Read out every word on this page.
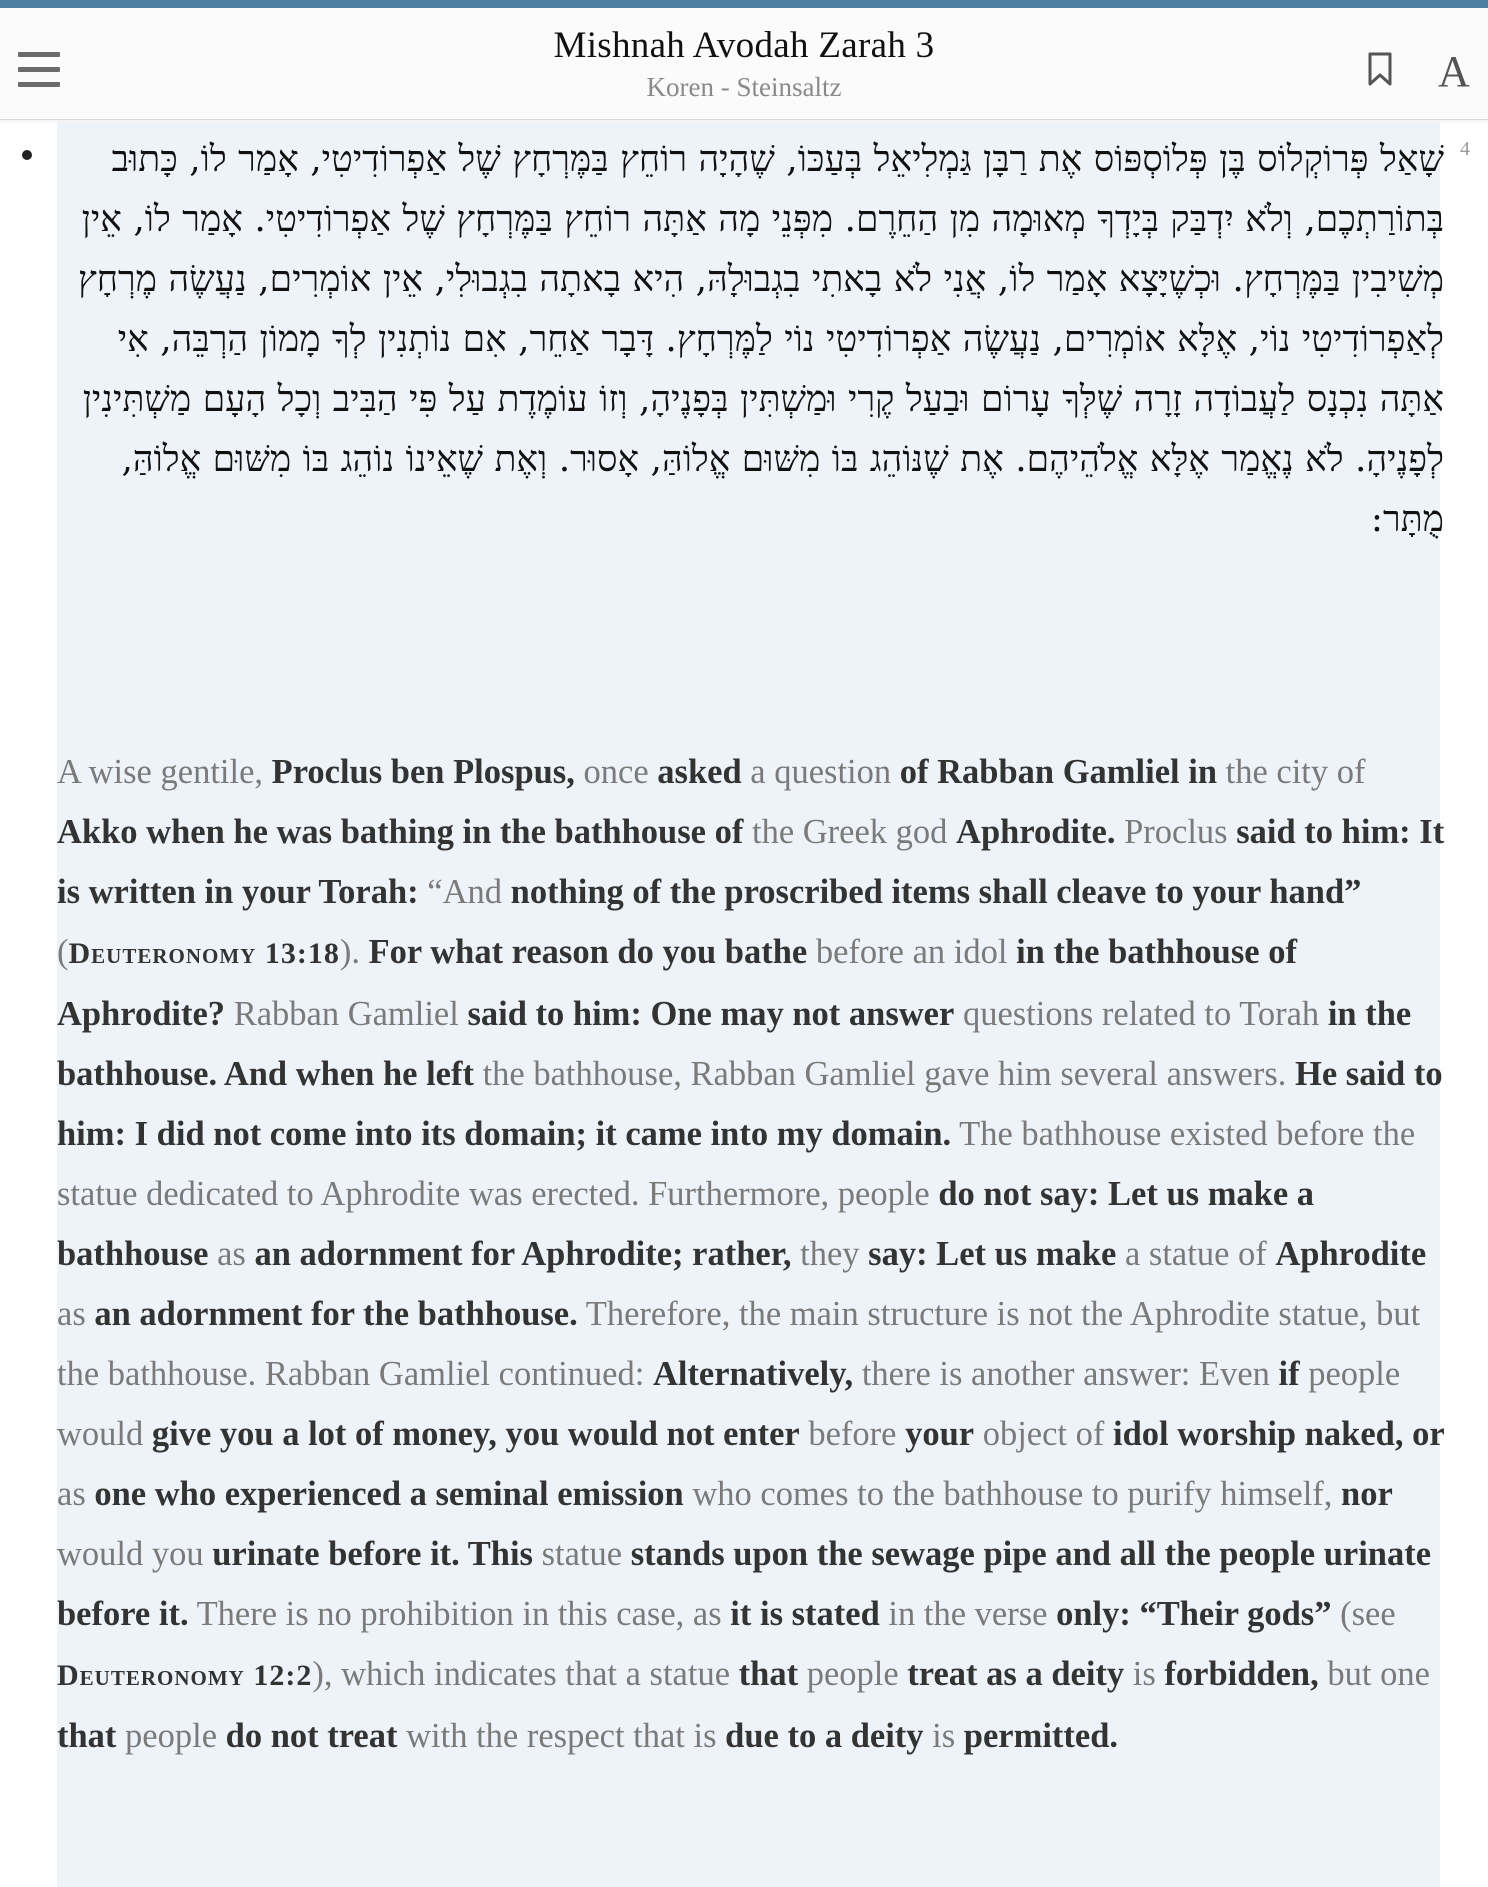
Mishnah Avodah Zarah 3
Koren - Steinsaltz	A
4
שָׁאַל פְּרוֹקְלוֹס בֶּן פְּלוֹסְפּוֹס אֶת רַבָּן גַּמְלִיאֵל בְּעַכּוֹ, שֶׁהָיָה רוֹחֵץ בַּמֶּרְחָץ שֶׁל אַפְרוֹדִיטִי, אָמַר לוֹ, כָּתוּב בְּתוֹרַתְכֶם, וְלֹא יִדְבַּק בְּיָדְךָ מְאוּמָה מִן הַחֵרֶם. מִפְּנֵי מָה אַתָּה רוֹחֵץ בַּמֶּרְחָץ שֶׁל אַפְרוֹדִיטִי. אָמַר לוֹ, אֵין מְשִׁיבִין בַּמֶּרְחָץ. וּכְשֶׁיָּצָא אָמַר לוֹ, אֲנִי לֹא בָאתִי בִגְבוּלָהּ, הִיא בָאתָה בִגְבוּלִי, אֵין אוֹמְרִים, נַעֲשֶׂה מֶרְחָץ לְאַפְרוֹדִיטִי נוֹי, אֶלָּא אוֹמְרִים, נַעֲשֶׂה אַפְרוֹדִיטִי נוֹי לַמֶּרְחָץ. דָּבָר אַחֵר, אִם נוֹתְנִין לְךָ מָמוֹן הַרְבֵּה, אִי אַתָּה נִכְנָס לַעֲבוֹדָה זָרָה שֶׁלְּךָ עָרוֹם וּבַעַל קֶרִי וּמַשְׁתִּין בְּפָנֶיהָ, וְזוֹ עוֹמֶדֶת עַל פִּי הַבִּיב וְכָל הָעָם מַשְׁתִּינִין לְפָנֶיהָ. לֹא נֶאֱמַר אֶלָּא אֱלֹהֵיהֶם. אֶת שֶׁנּוֹהֵג בּוֹ מִשּׁוּם אֱלוֹהַּ, אָסוּר. וְאֶת שֶׁאֵינוֹ נוֹהֵג בּוֹ מִשּׁוּם אֱלוֹהַּ, מֻתָּר:
A wise gentile, Proclus ben Plospus, once asked a question of Rabban Gamliel in the city of Akko when he was bathing in the bathhouse of the Greek god Aphrodite. Proclus said to him: It is written in your Torah: “And nothing of the proscribed items shall cleave to your hand” (Deuteronomy 13:18). For what reason do you bathe before an idol in the bathhouse of Aphrodite? Rabban Gamliel said to him: One may not answer questions related to Torah in the bathhouse. And when he left the bathhouse, Rabban Gamliel gave him several answers. He said to him: I did not come into its domain; it came into my domain. The bathhouse existed before the statue dedicated to Aphrodite was erected. Furthermore, people do not say: Let us make a bathhouse as an adornment for Aphrodite; rather, they say: Let us make a statue of Aphrodite as an adornment for the bathhouse. Therefore, the main structure is not the Aphrodite statue, but the bathhouse. Rabban Gamliel continued: Alternatively, there is another answer: Even if people would give you a lot of money, you would not enter before your object of idol worship naked, or as one who experienced a seminal emission who comes to the bathhouse to purify himself, nor would you urinate before it. This statue stands upon the sewage pipe and all the people urinate before it. There is no prohibition in this case, as it is stated in the verse only: “Their gods” (see Deuteronomy 12:2), which indicates that a statue that people treat as a deity is forbidden, but one that people do not treat with the respect that is due to a deity is permitted.
